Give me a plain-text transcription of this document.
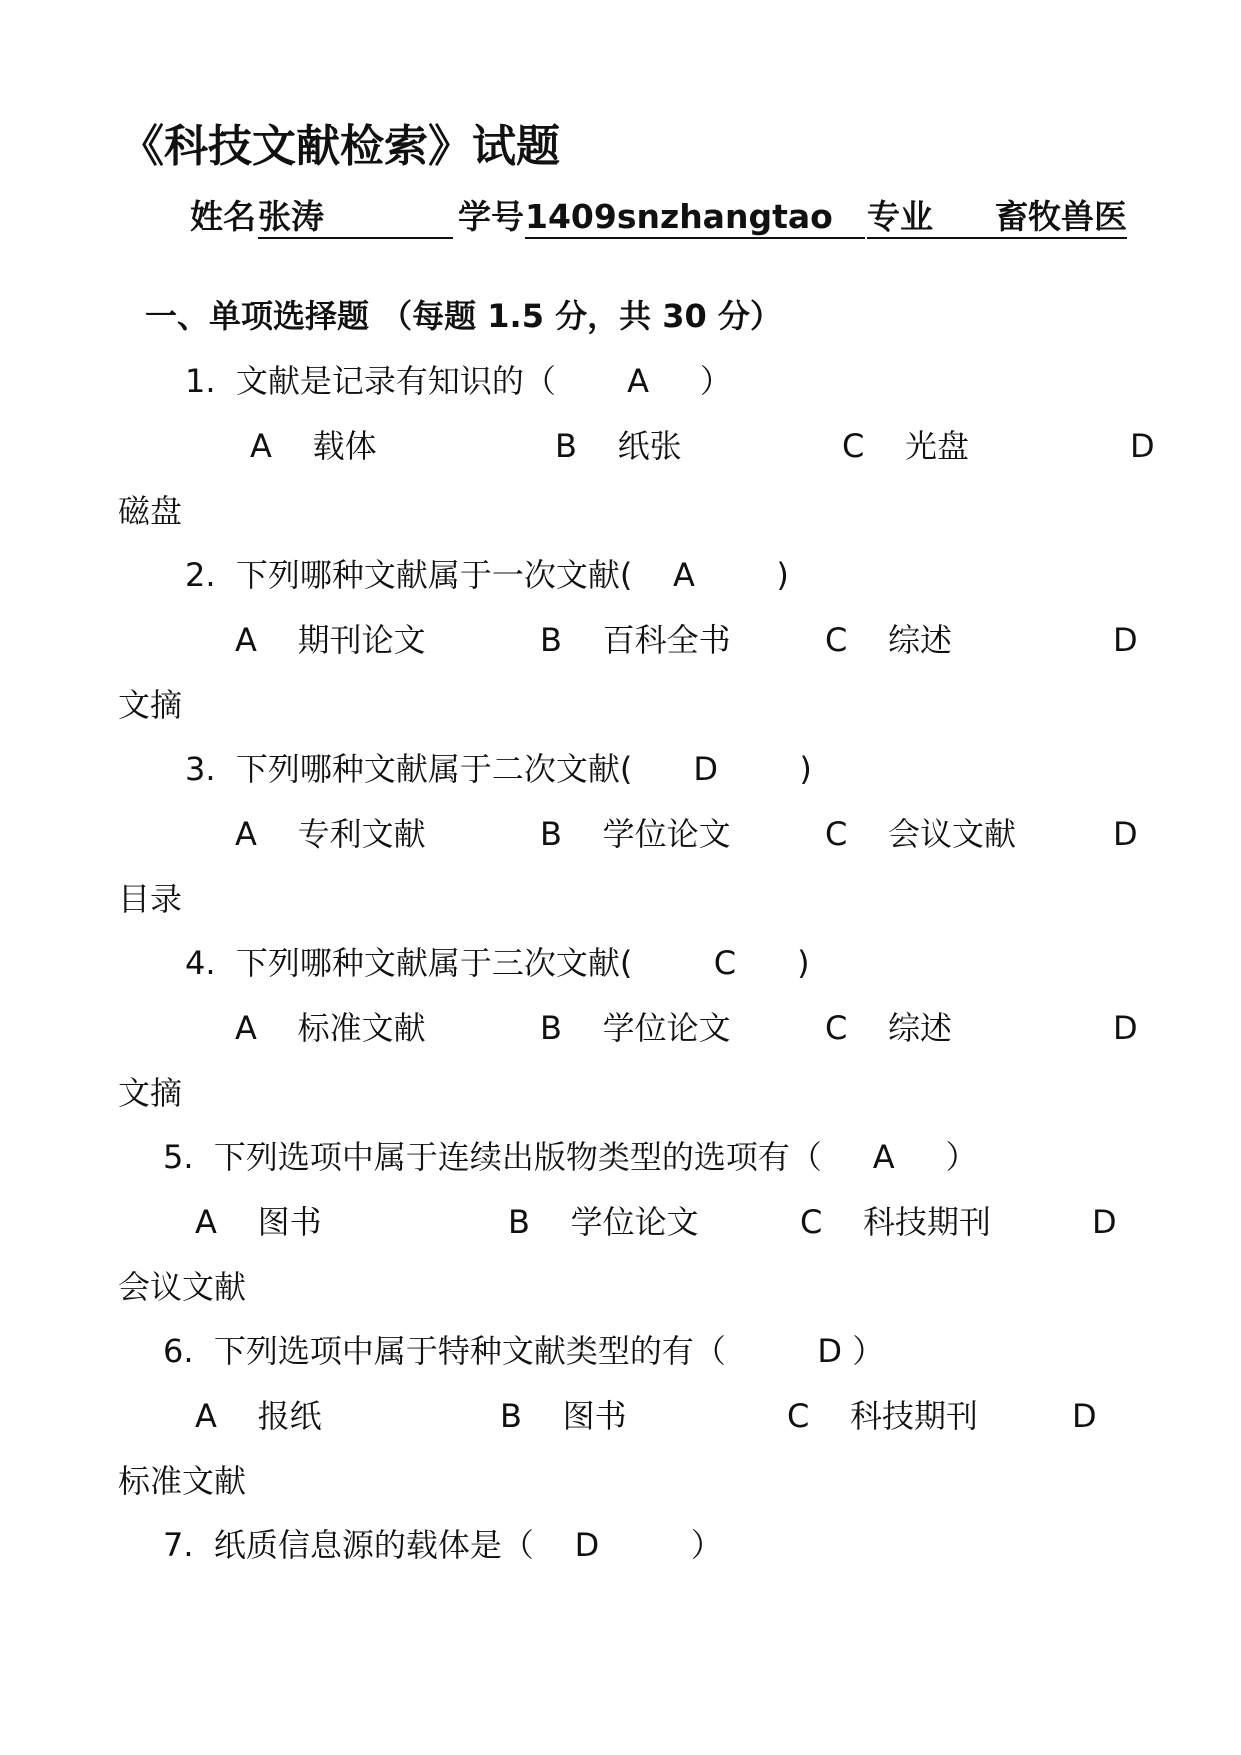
《科技文献检索》试题
姓名 张涛	学号 1409snzhangtao	专业	畜牧兽医
一、单项选择题 （每题 1.5 分，共 30 分）
1.  文献是记录有知识的（       A     ）
A    载体	B    纸张	C    光盘	D
磁盘
2.  下列哪种文献属于一次文献(    A        )
A    期刊论文	B    百科全书	C    综述	D
文摘
3.  下列哪种文献属于二次文献(      D        )
A    专利文献	B    学位论文	C    会议文献	D
目录
4.  下列哪种文献属于三次文献(        C      )
A    标准文献	B    学位论文	C    综述	D
文摘
5.  下列选项中属于连续出版物类型的选项有（     A     ）
A    图书	B    学位论文	C    科技期刊	D
会议文献
6.  下列选项中属于特种文献类型的有（         D ）
A    报纸	B    图书	C    科技期刊	D
标准文献
7.  纸质信息源的载体是（    D         ）
